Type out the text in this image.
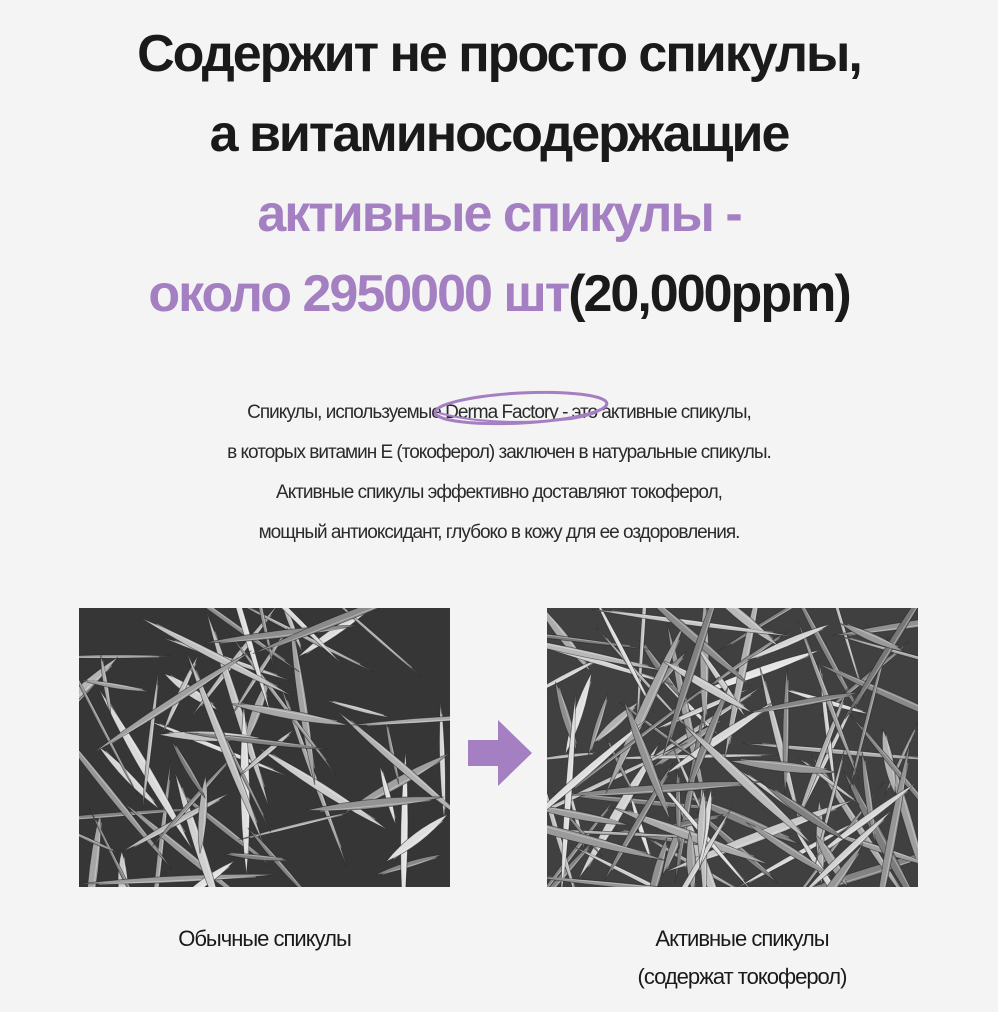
Содержит не просто спикулы,
а витаминосодержащие
активные спикулы -
около 2950000 шт(20,000ppm)
Спикулы, используемые Derma Factory
- это активные спикулы,
в которых витамин E (токоферол) заключен в натуральные спикулы.
Активные спикулы эффективно доставляют токоферол,
мощный антиоксидант, глубоко в кожу для ее оздоровления.
Обычные спикулы	Активные спикулы
(содержат токоферол)
